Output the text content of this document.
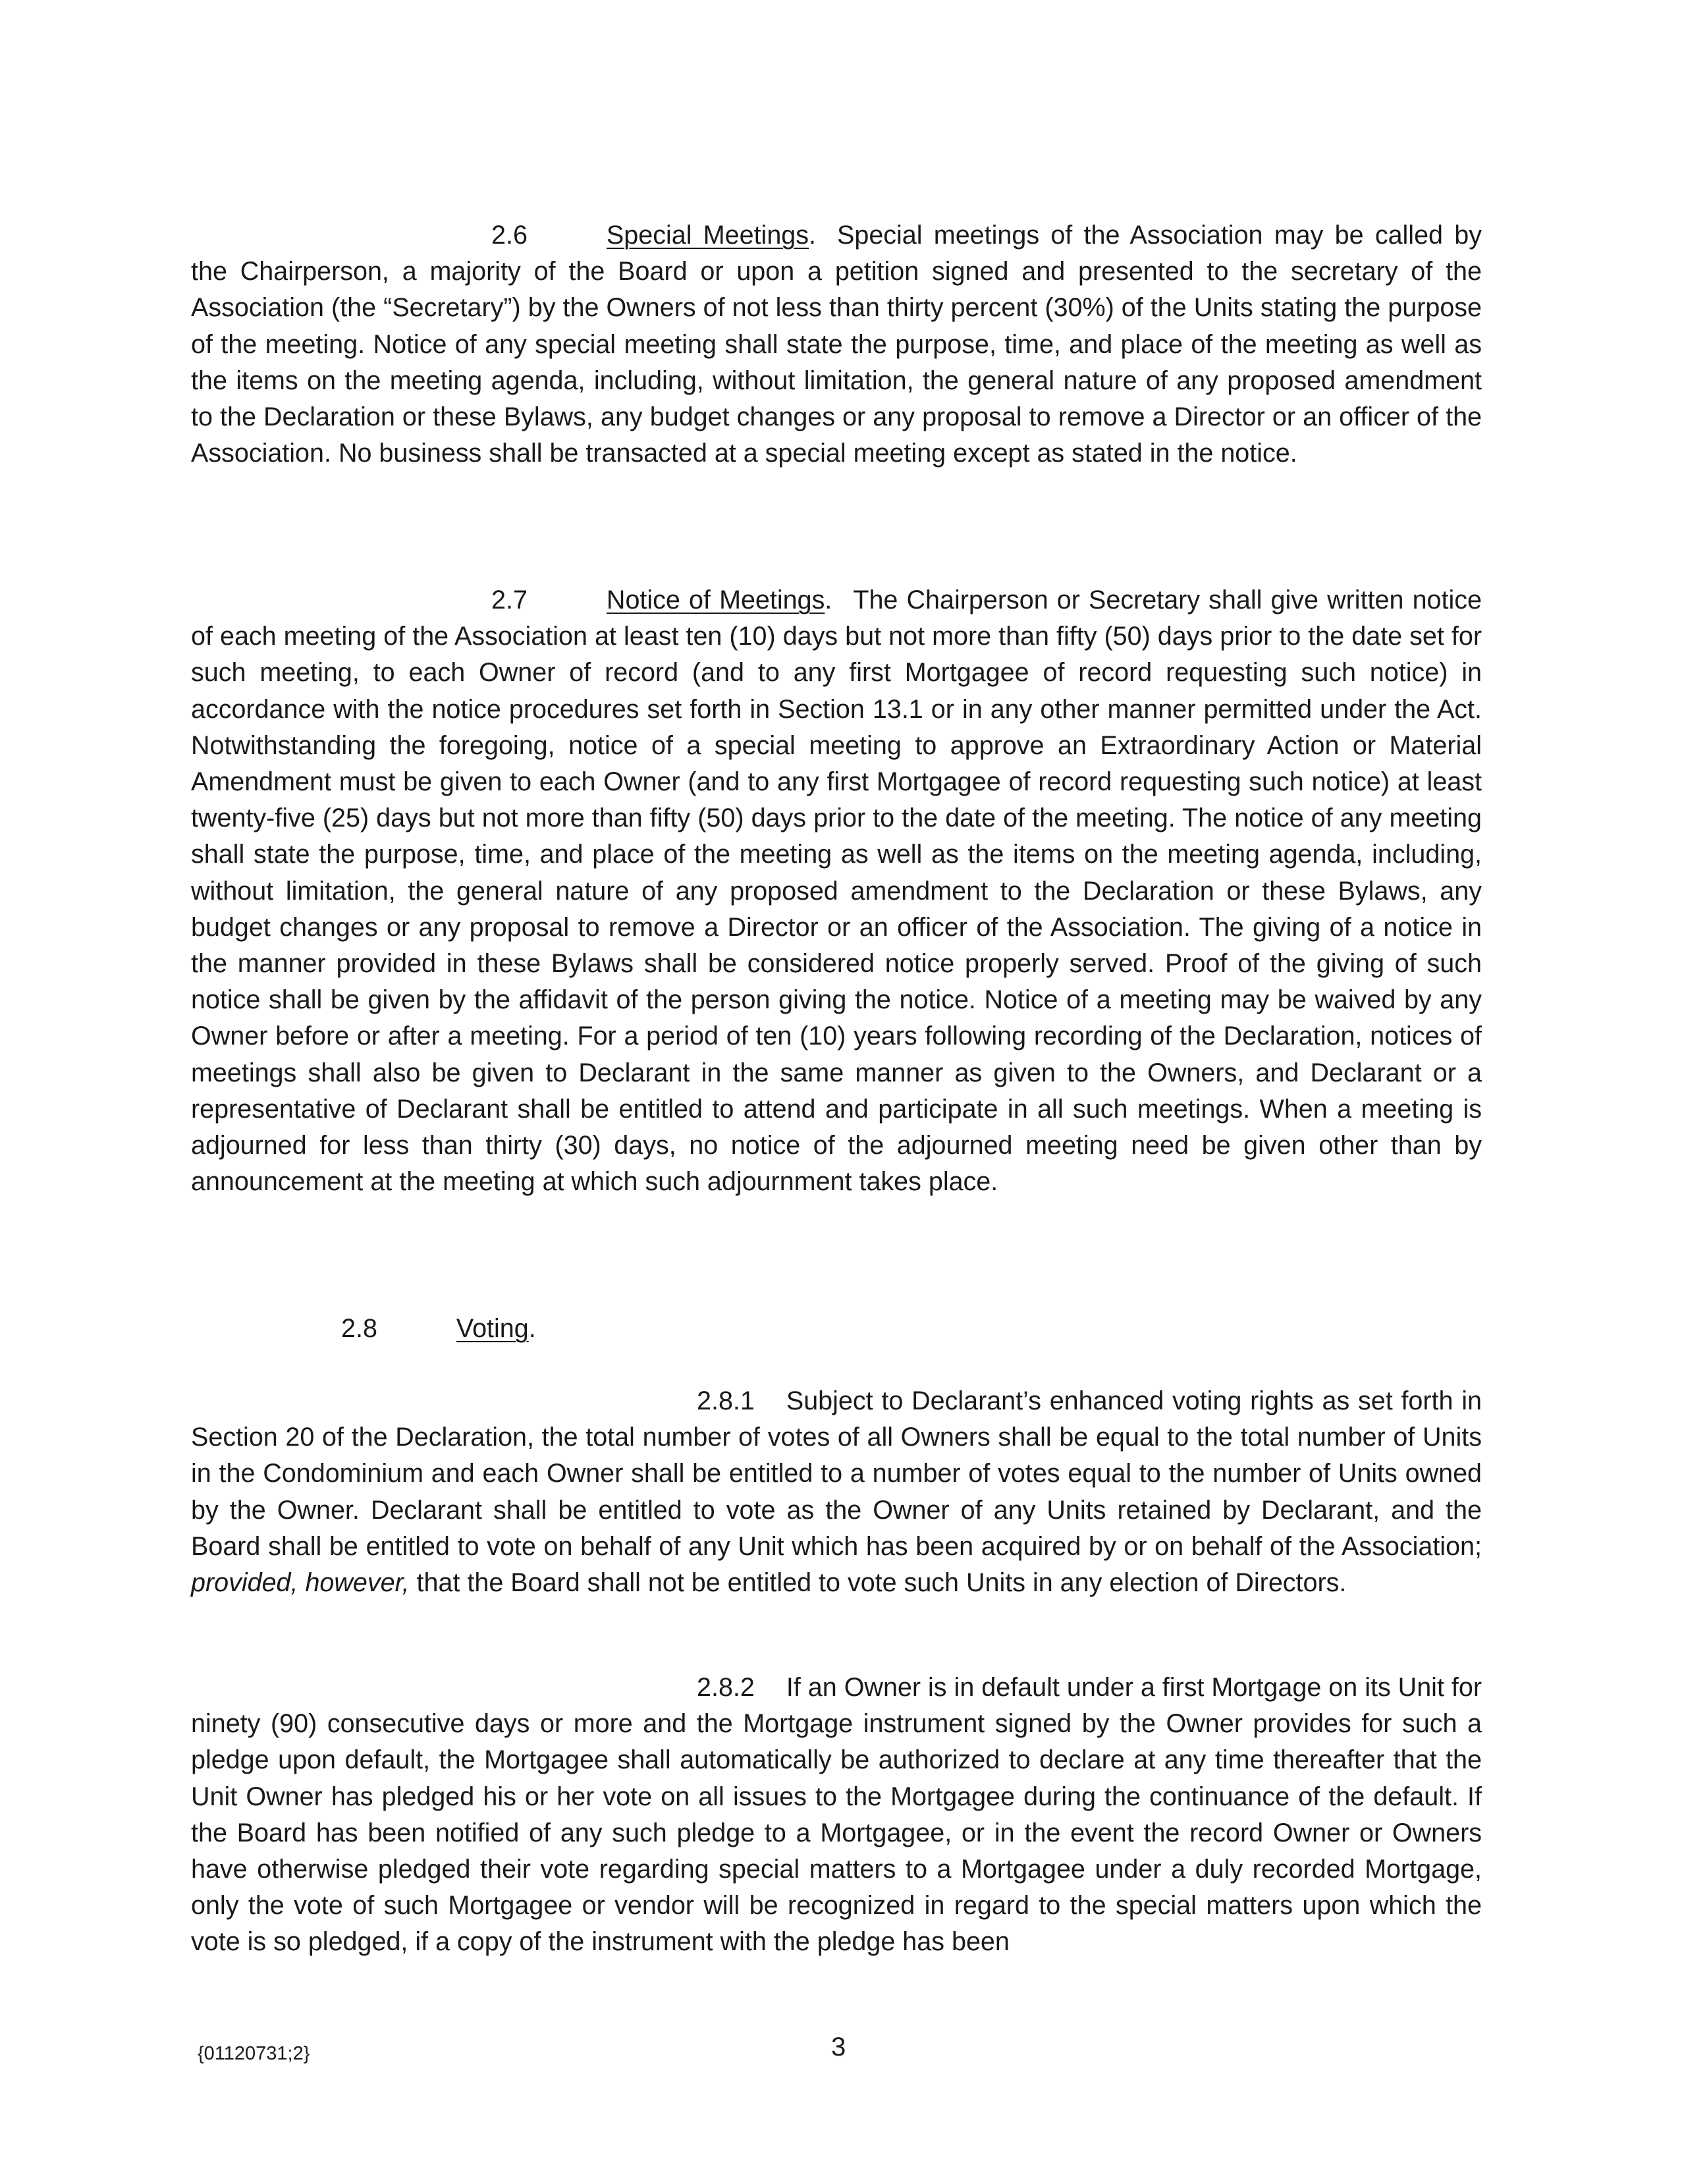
2.6	Special Meetings. Special meetings of the Association may be called by the Chairperson, a majority of the Board or upon a petition signed and presented to the secretary of the Association (the “Secretary”) by the Owners of not less than thirty percent (30%) of the Units stating the purpose of the meeting. Notice of any special meeting shall state the purpose, time, and place of the meeting as well as the items on the meeting agenda, including, without limitation, the general nature of any proposed amendment to the Declaration or these Bylaws, any budget changes or any proposal to remove a Director or an officer of the Association. No business shall be transacted at a special meeting except as stated in the notice.

2.7	Notice of Meetings. The Chairperson or Secretary shall give written notice of each meeting of the Association at least ten (10) days but not more than fifty (50) days prior to the date set for such meeting, to each Owner of record (and to any first Mortgagee of record requesting such notice) in accordance with the notice procedures set forth in Section 13.1 or in any other manner permitted under the Act. Notwithstanding the foregoing, notice of a special meeting to approve an Extraordinary Action or Material Amendment must be given to each Owner (and to any first Mortgagee of record requesting such notice) at least twenty-five (25) days but not more than fifty (50) days prior to the date of the meeting. The notice of any meeting shall state the purpose, time, and place of the meeting as well as the items on the meeting agenda, including, without limitation, the general nature of any proposed amendment to the Declaration or these Bylaws, any budget changes or any proposal to remove a Director or an officer of the Association. The giving of a notice in the manner provided in these Bylaws shall be considered notice properly served. Proof of the giving of such notice shall be given by the affidavit of the person giving the notice. Notice of a meeting may be waived by any Owner before or after a meeting. For a period of ten (10) years following recording of the Declaration, notices of meetings shall also be given to Declarant in the same manner as given to the Owners, and Declarant or a representative of Declarant shall be entitled to attend and participate in all such meetings. When a meeting is adjourned for less than thirty (30) days, no notice of the adjourned meeting need be given other than by announcement at the meeting at which such adjournment takes place.

2.8	Voting.

2.8.1 Subject to Declarant’s enhanced voting rights as set forth in Section 20 of the Declaration, the total number of votes of all Owners shall be equal to the total number of Units in the Condominium and each Owner shall be entitled to a number of votes equal to the number of Units owned by the Owner. Declarant shall be entitled to vote as the Owner of any Units retained by Declarant, and the Board shall be entitled to vote on behalf of any Unit which has been acquired by or on behalf of the Association; provided, however, that the Board shall not be entitled to vote such Units in any election of Directors.

2.8.2 If an Owner is in default under a first Mortgage on its Unit for ninety (90) consecutive days or more and the Mortgage instrument signed by the Owner provides for such a pledge upon default, the Mortgagee shall automatically be authorized to declare at any time thereafter that the Unit Owner has pledged his or her vote on all issues to the Mortgagee during the continuance of the default. If the Board has been notified of any such pledge to a Mortgagee, or in the event the record Owner or Owners have otherwise pledged their vote regarding special matters to a Mortgagee under a duly recorded Mortgage, only the vote of such Mortgagee or vendor will be recognized in regard to the special matters upon which the vote is so pledged, if a copy of the instrument with the pledge has been

{01120731;2}	3
